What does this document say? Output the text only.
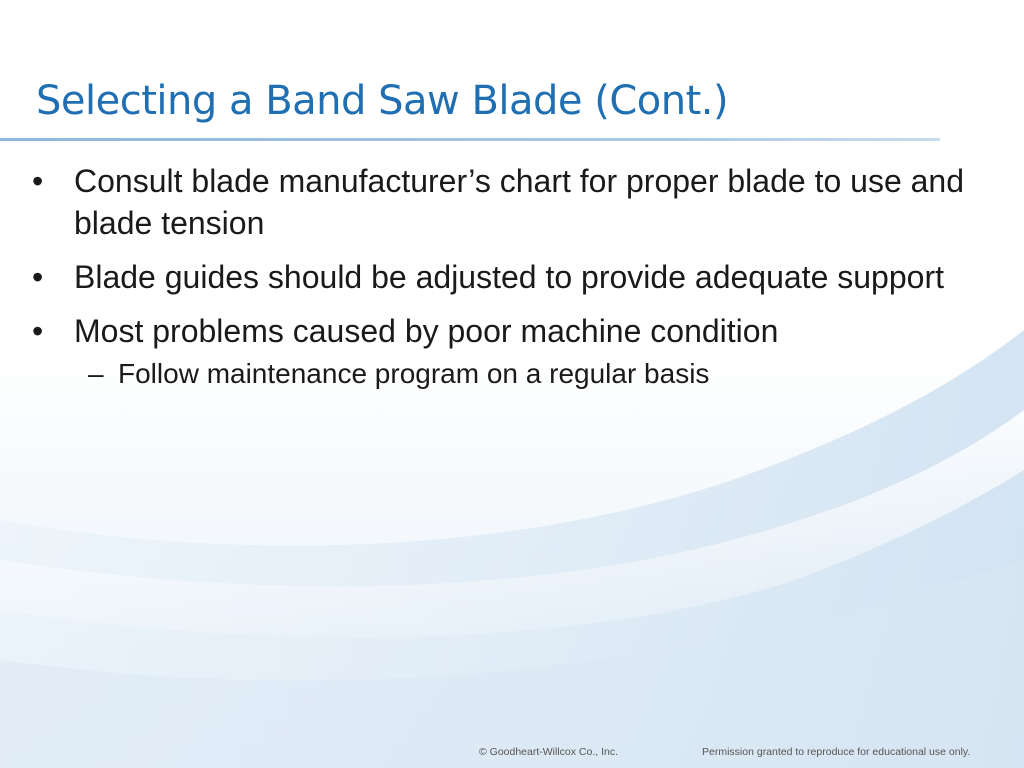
Selecting a Band Saw Blade (Cont.)
• Consult blade manufacturer’s chart for proper blade to use and blade tension
• Blade guides should be adjusted to provide adequate support
• Most problems caused by poor machine condition
– Follow maintenance program on a regular basis
© Goodheart-Willcox Co., Inc.	Permission granted to reproduce for educational use only.
